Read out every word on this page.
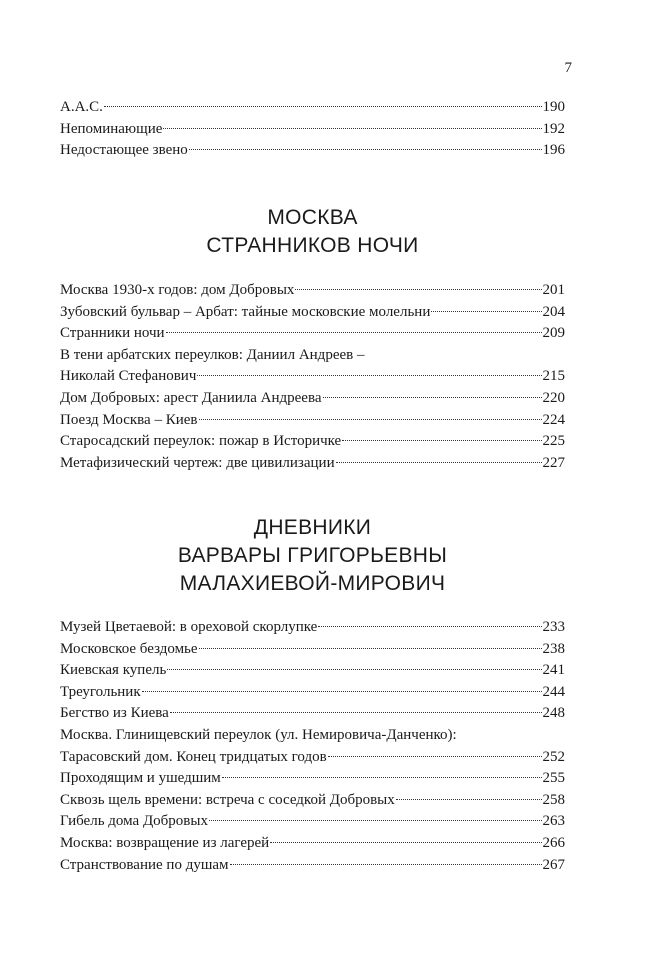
7
А.А.С.	190
Непоминающие	192
Недостающее звено	196
МОСКВА
СТРАННИКОВ НОЧИ
Москва 1930-х годов: дом Добровых	201
Зубовский бульвар – Арбат: тайные московские молельни	204
Странники ночи	209
В тени арбатских переулков: Даниил Андреев –
Николай Стефанович	215
Дом Добровых: арест Даниила Андреева	220
Поезд Москва – Киев	224
Старосадский переулок: пожар в Историчке	225
Метафизический чертеж: две цивилизации	227
ДНЕВНИКИ
ВАРВАРЫ ГРИГОРЬЕВНЫ
МАЛАХИЕВОЙ-МИРОВИЧ
Музей Цветаевой: в ореховой скорлупке	233
Московское бездомье	238
Киевская купель	241
Треугольник	244
Бегство из Киева	248
Москва. Глинищевский переулок (ул. Немировича-Данченко):
Тарасовский дом. Конец тридцатых годов	252
Проходящим и ушедшим	255
Сквозь щель времени: встреча с соседкой Добровых	258
Гибель дома Добровых	263
Москва: возвращение из лагерей	266
Странствование по душам	267
